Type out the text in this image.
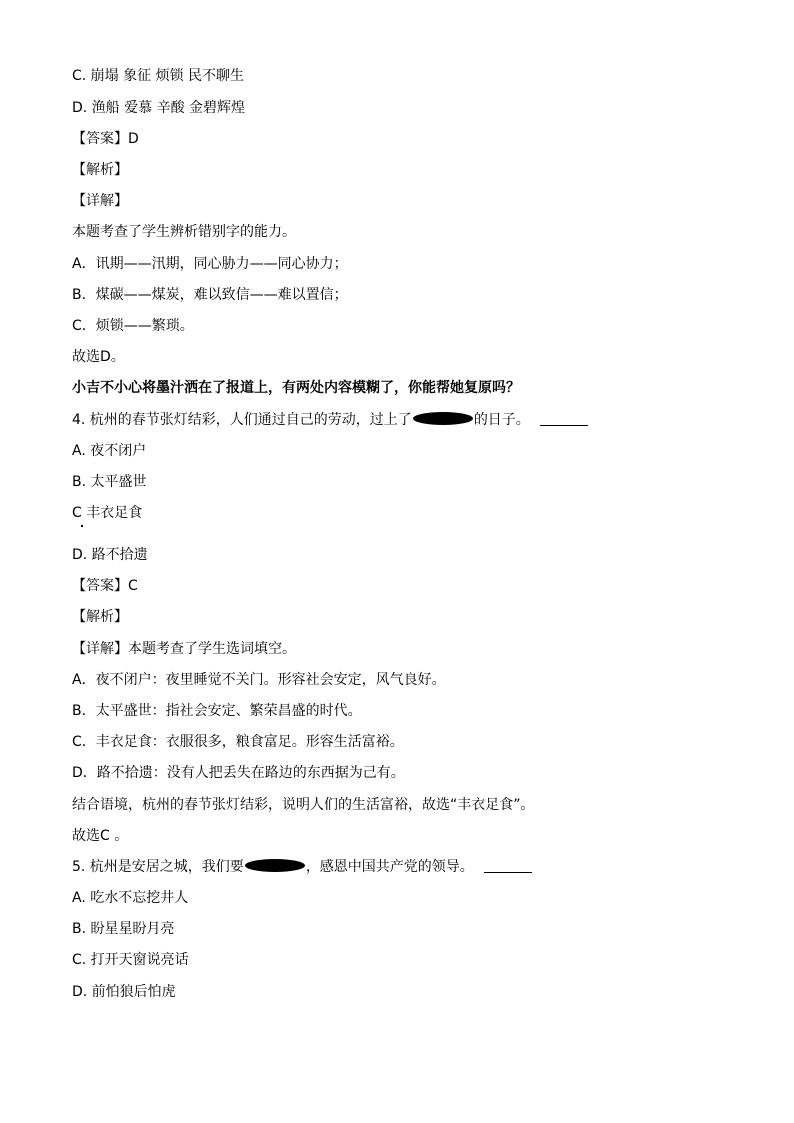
C. 崩塌 象征 烦锁 民不聊生
D. 渔船 爱慕 辛酸 金碧辉煌
【答案】D
【解析】
【详解】
本题考查了学生辨析错别字的能力。
A．讯期——汛期，同心胁力——同心协力；
B．煤碳——煤炭，难以致信——难以置信；
C．烦锁——繁琐。
故选D。
小吉不小心将墨汁洒在了报道上，有两处内容模糊了，你能帮她复原吗？
4. 杭州的春节张灯结彩，人们通过自己的劳动，过上了	的日子。
A. 夜不闭户
B. 太平盛世
C 丰衣足食
D. 路不拾遗
【答案】C
【解析】
【详解】本题考查了学生选词填空。
A．夜不闭户：夜里睡觉不关门。形容社会安定，风气良好。
B．太平盛世：指社会安定、繁荣昌盛的时代。
C．丰衣足食：衣服很多，粮食富足。形容生活富裕。
D．路不拾遗：没有人把丢失在路边的东西据为己有。
结合语境，杭州的春节张灯结彩，说明人们的生活富裕，故选“丰衣足食”。
故选C 。
5. 杭州是安居之城，我们要	，感恩中国共产党的领导。
A. 吃水不忘挖井人
B. 盼星星盼月亮
C. 打开天窗说亮话
D. 前怕狼后怕虎
